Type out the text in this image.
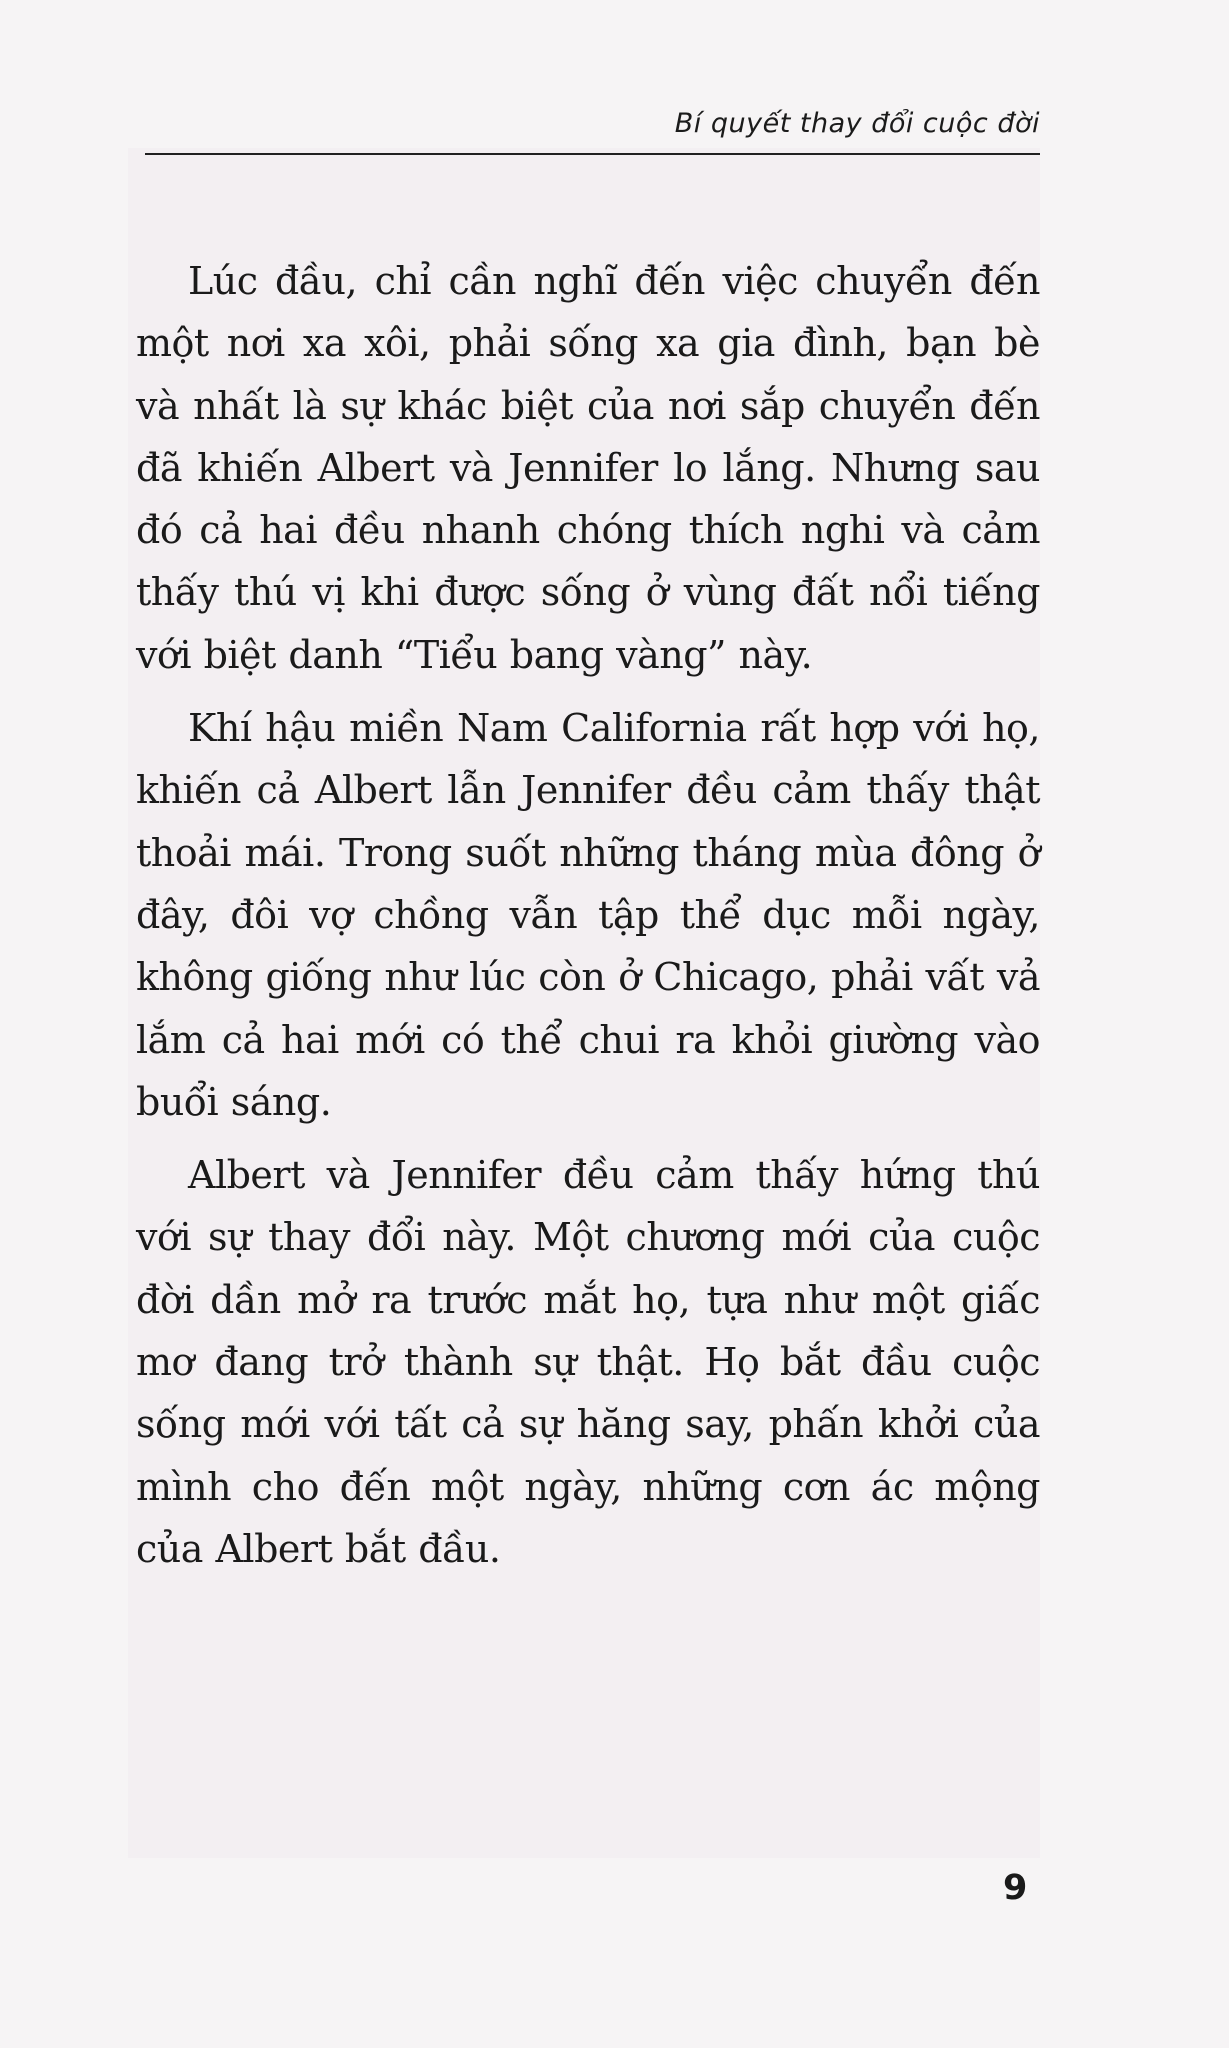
Bí quyết thay đổi cuộc đời

Lúc đầu, chỉ cần nghĩ đến việc chuyển đến một nơi xa xôi, phải sống xa gia đình, bạn bè và nhất là sự khác biệt của nơi sắp chuyển đến đã khiến Albert và Jennifer lo lắng. Nhưng sau đó cả hai đều nhanh chóng thích nghi và cảm thấy thú vị khi được sống ở vùng đất nổi tiếng với biệt danh “Tiểu bang vàng” này.

Khí hậu miền Nam California rất hợp với họ, khiến cả Albert lẫn Jennifer đều cảm thấy thật thoải mái. Trong suốt những tháng mùa đông ở đây, đôi vợ chồng vẫn tập thể dục mỗi ngày, không giống như lúc còn ở Chicago, phải vất vả lắm cả hai mới có thể chui ra khỏi giường vào buổi sáng.

Albert và Jennifer đều cảm thấy hứng thú với sự thay đổi này. Một chương mới của cuộc đời dần mở ra trước mắt họ, tựa như một giấc mơ đang trở thành sự thật. Họ bắt đầu cuộc sống mới với tất cả sự hăng say, phấn khởi của mình cho đến một ngày, những cơn ác mộng của Albert bắt đầu.

9
